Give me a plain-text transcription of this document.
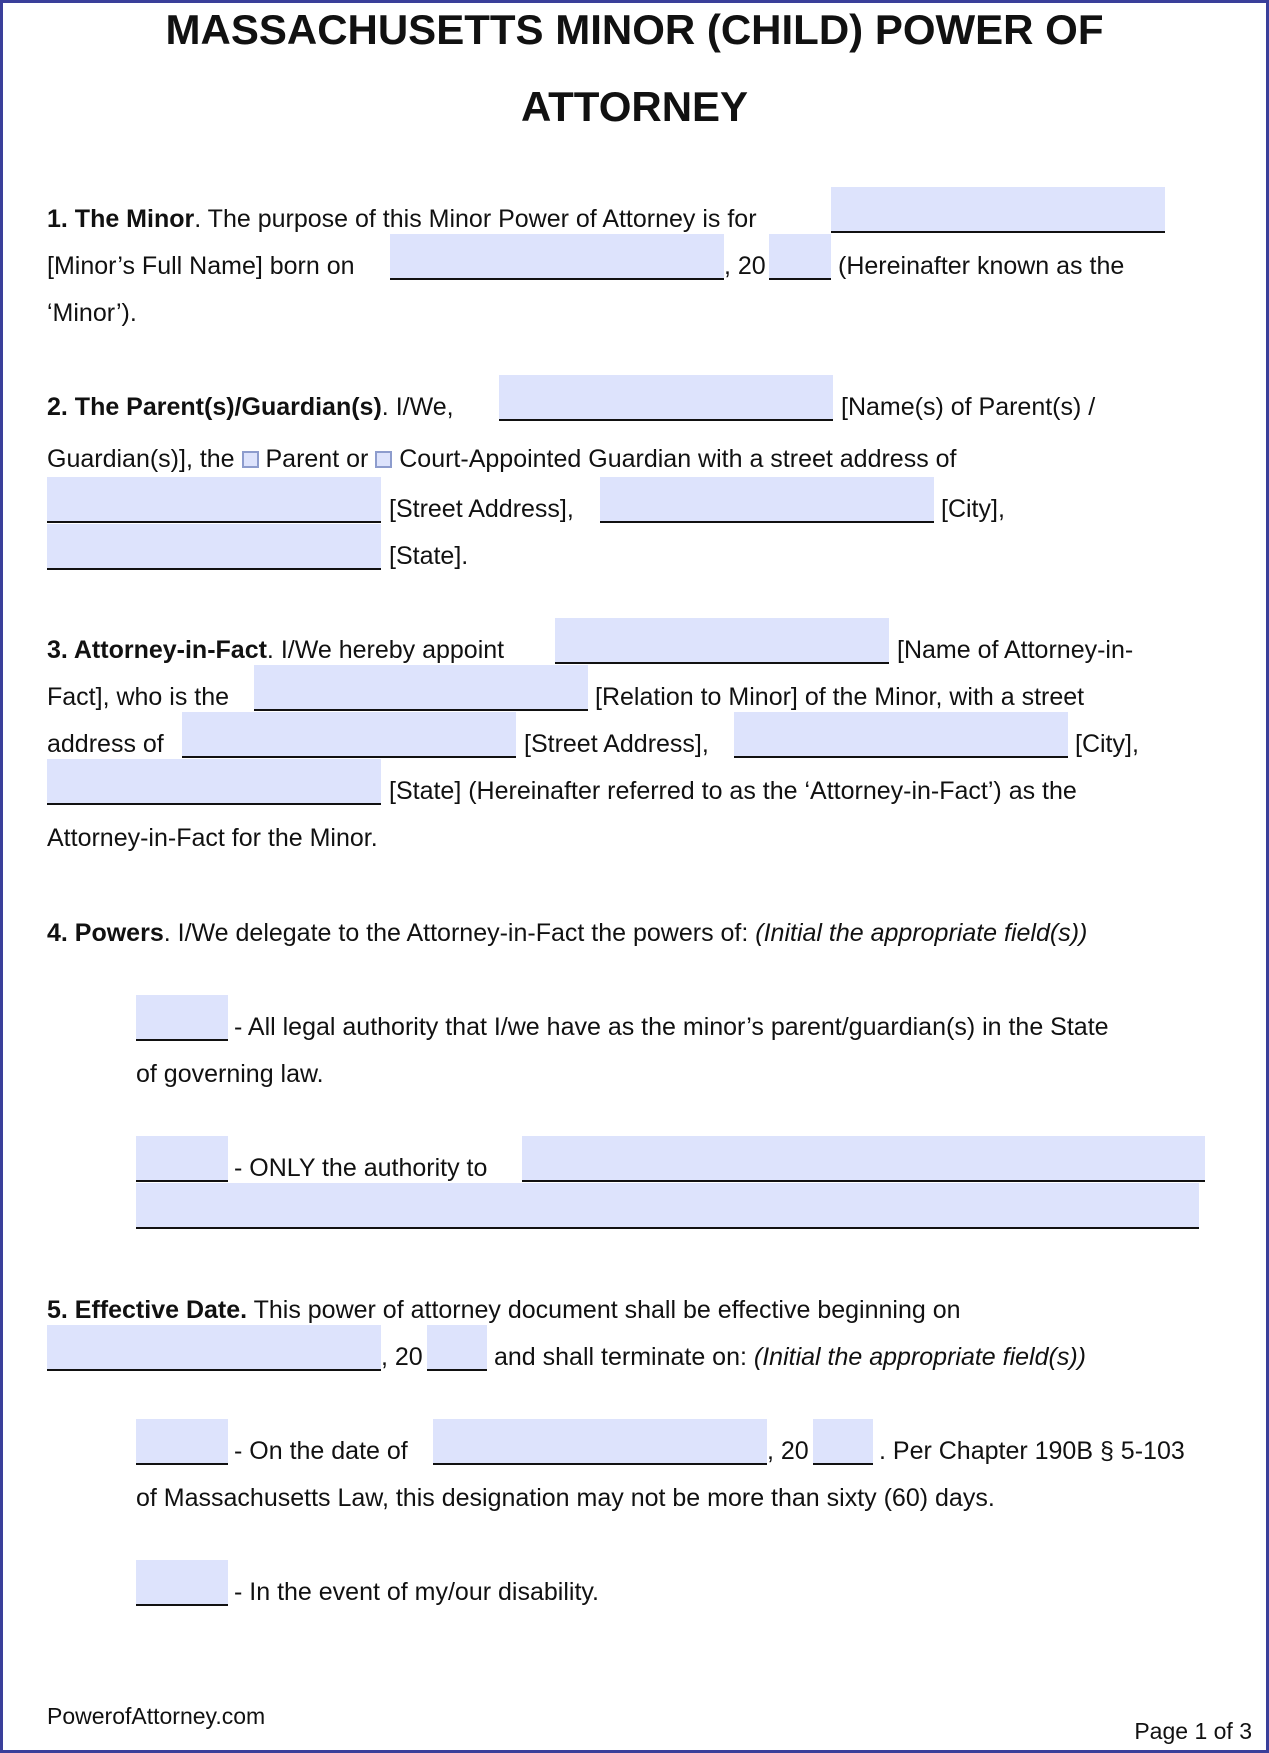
MASSACHUSETTS MINOR (CHILD) POWER OF
ATTORNEY
1. The Minor. The purpose of this Minor Power of Attorney is for
[Minor’s Full Name] born on	, 20	(Hereinafter known as the
‘Minor’).
2. The Parent(s)/Guardian(s). I/We,	[Name(s) of Parent(s) /
Guardian(s)], the Parent or Court-Appointed Guardian with a street address of
[Street Address],	[City],
[State].
3. Attorney-in-Fact. I/We hereby appoint	[Name of Attorney-in-
Fact], who is the	[Relation to Minor] of the Minor, with a street
address of	[Street Address],	[City],
[State] (Hereinafter referred to as the ‘Attorney-in-Fact’) as the
Attorney-in-Fact for the Minor.
4. Powers. I/We delegate to the Attorney-in-Fact the powers of: (Initial the appropriate field(s))
- All legal authority that I/we have as the minor’s parent/guardian(s) in the State
of governing law.
- ONLY the authority to
5. Effective Date. This power of attorney document shall be effective beginning on
, 20	and shall terminate on: (Initial the appropriate field(s))
- On the date of	, 20	. Per Chapter 190B § 5-103
of Massachusetts Law, this designation may not be more than sixty (60) days.
- In the event of my/our disability.
PowerofAttorney.com
Page 1 of 3
